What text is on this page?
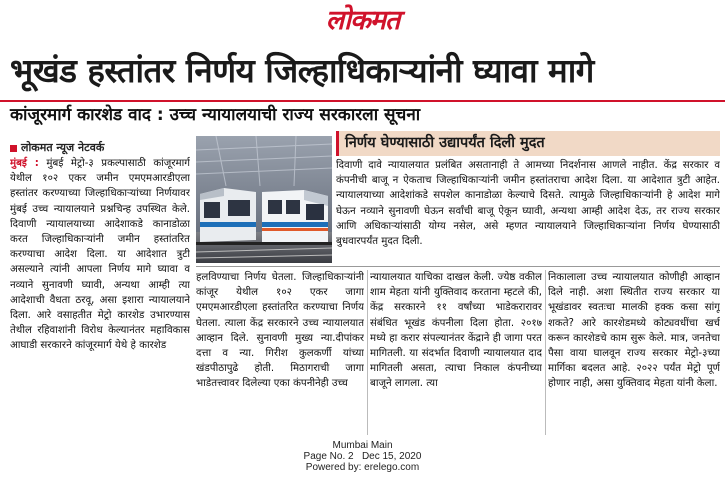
लोकमत
भूखंड हस्तांतर निर्णय जिल्हाधिकाऱ्यांनी घ्यावा मागे
कांजूरमार्ग कारशेड वाद : उच्च न्यायालयाची राज्य सरकारला सूचना
लोकमत न्यूज नेटवर्क
मुंबई : मुंबई मेट्रो-३ प्रकल्पासाठी कांजूरमार्ग येथील १०२ एकर जमीन एमएमआरडीएला हस्तांतर करण्याच्या जिल्हाधिकाऱ्यांच्या निर्णयावर मुंबई उच्च न्यायालयाने प्रश्नचिन्ह उपस्थित केले. दिवाणी न्यायालयाच्या आदेशाकडे कानाडोळा करत जिल्हाधिकाऱ्यांनी जमीन हस्तांतरित करण्याचा आदेश दिला. या आदेशात त्रुटी असल्याने त्यांनी आपला निर्णय मागे घ्यावा व नव्याने सुनावणी घ्यावी, अन्यथा आम्ही त्या आदेशाची वैधता ठरवू, असा इशारा न्यायालयाने दिला. आरे वसाहतीत मेट्रो कारशेड उभारण्यास तेथील रहिवाशांनी विरोध केल्यानंतर महाविकास आघाडी सरकारने कांजूरमार्ग येथे हे कारशेड
निर्णय घेण्यासाठी उद्यापर्यंत दिली मुदत
दिवाणी दावे न्यायालयात प्रलंबित असतानाही ते आमच्या निदर्शनास आणले नाहीत. केंद्र सरकार व कंपनीची बाजू न ऐकताच जिल्हाधिकाऱ्यांनी जमीन हस्तांतराचा आदेश दिला. या आदेशात त्रुटी आहेत. न्यायालयाच्या आदेशांकडे सपशेल कानाडोळा केल्याचे दिसते. त्यामुळे जिल्हाधिकाऱ्यांनी हे आदेश मागे घेऊन नव्याने सुनावणी घेऊन सर्वांची बाजू ऐकून घ्यावी, अन्यथा आम्ही आदेश देऊ, तर राज्य सरकार आणि अधिकाऱ्यांसाठी योग्य नसेल, असे म्हणत न्यायालयाने जिल्हाधिकाऱ्यांना निर्णय घेण्यासाठी बुधवारपर्यंत मुदत दिली.
हलविण्याचा निर्णय घेतला. जिल्हाधिकाऱ्यांनी कांजूर येथील १०२ एकर जागा एमएमआरडीएला हस्तांतरित करण्याचा निर्णय घेतला. त्याला केंद्र सरकारने उच्च न्यायालयात आव्हान दिले. सुनावणी मुख्य न्या.दीपांकर दत्ता व न्या. गिरीश कुलकर्णी यांच्या खंडपीठापुढे होती. मिठागराची जागा भाडेतत्त्वावर दिलेल्या एका कंपनीनेही उच्च
न्यायालयात याचिका दाखल केली. ज्येष्ठ वकील शाम मेहता यांनी युक्तिवाद करताना म्हटले की, केंद्र सरकारने ११ वर्षांच्या भाडेकरारावर संबंधित भूखंड कंपनीला दिला होता. २०१७ मध्ये हा करार संपल्यानंतर केंद्राने ही जागा परत मागितली. या संदर्भात दिवाणी न्यायालयात दाद मागितली असता, त्याचा निकाल कंपनीच्या बाजूने लागला. त्या
निकालाला उच्च न्यायालयात कोणीही आव्हान दिले नाही. अशा स्थितीत राज्य सरकार या भूखंडावर स्वतःचा मालकी हक्क कसा सांगू शकते? आरे कारशेडमध्ये कोट्यवधींचा खर्च करून कारशेडचे काम सुरू केले. मात्र, जनतेचा पैसा वाया घालवून राज्य सरकार मेट्रो-३च्या मार्गिका बदलत आहे. २०२२ पर्यंत मेट्रो पूर्ण होणार नाही, असा युक्तिवाद मेहता यांनी केला.
Mumbai Main
Page No. 2 Dec 15, 2020
Powered by: erelego.com
